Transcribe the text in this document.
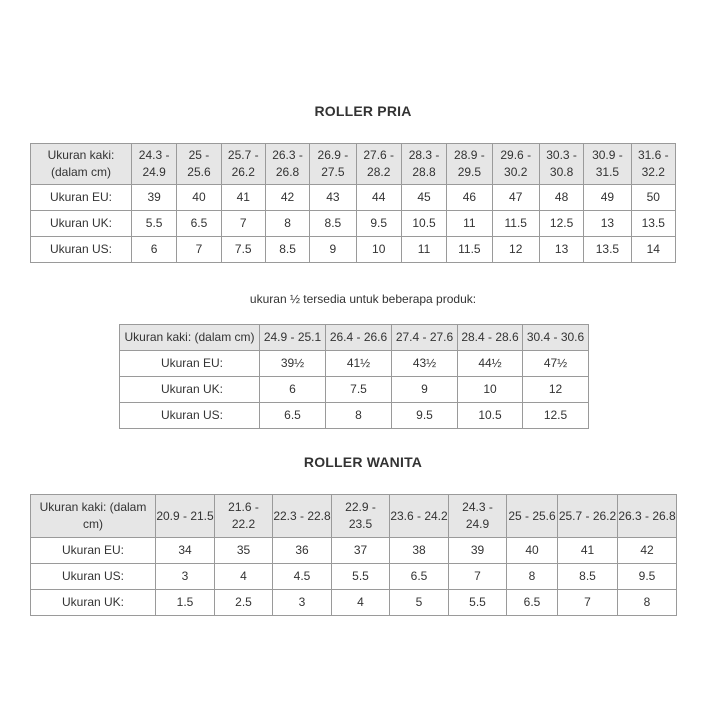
ROLLER PRIA
Ukuran kaki: (dalam cm)	24.3 - 24.9	25 - 25.6	25.7 - 26.2	26.3 - 26.8	26.9 - 27.5	27.6 - 28.2	28.3 - 28.8	28.9 - 29.5	29.6 - 30.2	30.3 - 30.8	30.9 - 31.5	31.6 - 32.2
Ukuran EU:	39	40	41	42	43	44	45	46	47	48	49	50
Ukuran UK:	5.5	6.5	7	8	8.5	9.5	10.5	11	11.5	12.5	13	13.5
Ukuran US:	6	7	7.5	8.5	9	10	11	11.5	12	13	13.5	14
ukuran ½ tersedia untuk beberapa produk:
Ukuran kaki: (dalam cm)	24.9 - 25.1	26.4 - 26.6	27.4 - 27.6	28.4 - 28.6	30.4 - 30.6
Ukuran EU:	39½	41½	43½	44½	47½
Ukuran UK:	6	7.5	9	10	12
Ukuran US:	6.5	8	9.5	10.5	12.5
ROLLER WANITA
Ukuran kaki: (dalam cm)	20.9 - 21.5	21.6 - 22.2	22.3 - 22.8	22.9 - 23.5	23.6 - 24.2	24.3 - 24.9	25 - 25.6	25.7 - 26.2	26.3 - 26.8
Ukuran EU:	34	35	36	37	38	39	40	41	42
Ukuran US:	3	4	4.5	5.5	6.5	7	8	8.5	9.5
Ukuran UK:	1.5	2.5	3	4	5	5.5	6.5	7	8
